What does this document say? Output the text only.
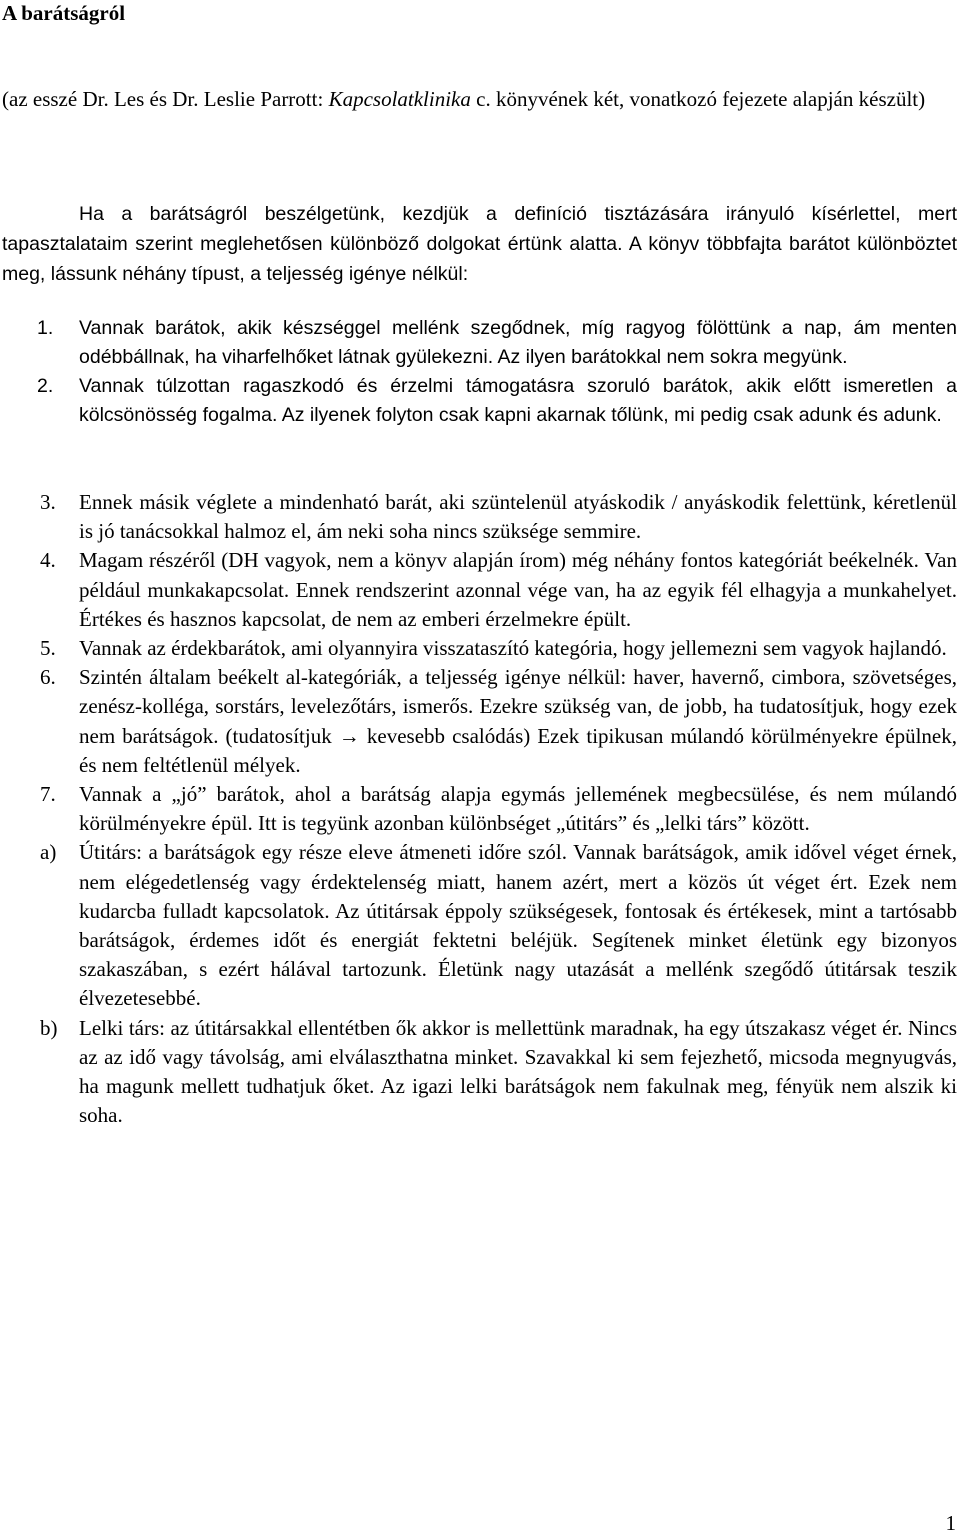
A barátságról

(az esszé Dr. Les és Dr. Leslie Parrott: Kapcsolatklinika c. könyvének két, vonatkozó fejezete alapján készült)

Ha a barátságról beszélgetünk, kezdjük a definíció tisztázására irányuló kísérlettel, mert tapasztalataim szerint meglehetősen különböző dolgokat értünk alatta. A könyv többfajta barátot különböztet meg, lássunk néhány típust, a teljesség igénye nélkül:

1.	Vannak barátok, akik készséggel mellénk szegődnek, míg ragyog fölöttünk a nap, ám menten odébbállnak, ha viharfelhőket látnak gyülekezni. Az ilyen barátokkal nem sokra megyünk.
2.	Vannak túlzottan ragaszkodó és érzelmi támogatásra szoruló barátok, akik előtt ismeretlen a kölcsönösség fogalma. Az ilyenek folyton csak kapni akarnak tőlünk, mi pedig csak adunk és adunk.
3.	Ennek másik véglete a mindenható barát, aki szüntelenül atyáskodik / anyáskodik felettünk, kéretlenül is jó tanácsokkal halmoz el, ám neki soha nincs szüksége semmire.
4.	Magam részéről (DH vagyok, nem a könyv alapján írom) még néhány fontos kategóriát beékelnék. Van például munkakapcsolat. Ennek rendszerint azonnal vége van, ha az egyik fél elhagyja a munkahelyet. Értékes és hasznos kapcsolat, de nem az emberi érzelmekre épült.
5.	Vannak az érdekbarátok, ami olyannyira visszataszító kategória, hogy jellemezni sem vagyok hajlandó.
6.	Szintén általam beékelt al-kategóriák, a teljesség igénye nélkül: haver, havernő, cimbora, szövetséges, zenész-kolléga, sorstárs, levelezőtárs, ismerős. Ezekre szükség van, de jobb, ha tudatosítjuk, hogy ezek nem barátságok. (tudatosítjuk → kevesebb csalódás) Ezek tipikusan múlandó körülményekre épülnek, és nem feltétlenül mélyek.
7.	Vannak a „jó” barátok, ahol a barátság alapja egymás jellemének megbecsülése, és nem múlandó körülményekre épül. Itt is tegyünk azonban különbséget „útitárs” és „lelki társ” között.
a)	Útitárs: a barátságok egy része eleve átmeneti időre szól. Vannak barátságok, amik idővel véget érnek, nem elégedetlenség vagy érdektelenség miatt, hanem azért, mert a közös út véget ért. Ezek nem kudarcba fulladt kapcsolatok. Az útitársak éppoly szükségesek, fontosak és értékesek, mint a tartósabb barátságok, érdemes időt és energiát fektetni beléjük. Segítenek minket életünk egy bizonyos szakaszában, s ezért hálával tartozunk. Életünk nagy utazását a mellénk szegődő útitársak teszik élvezetesebbé.
b)	Lelki társ: az útitársakkal ellentétben ők akkor is mellettünk maradnak, ha egy útszakasz véget ér. Nincs az az idő vagy távolság, ami elválaszthatna minket. Szavakkal ki sem fejezhető, micsoda megnyugvás, ha magunk mellett tudhatjuk őket. Az igazi lelki barátságok nem fakulnak meg, fényük nem alszik ki soha.
1
